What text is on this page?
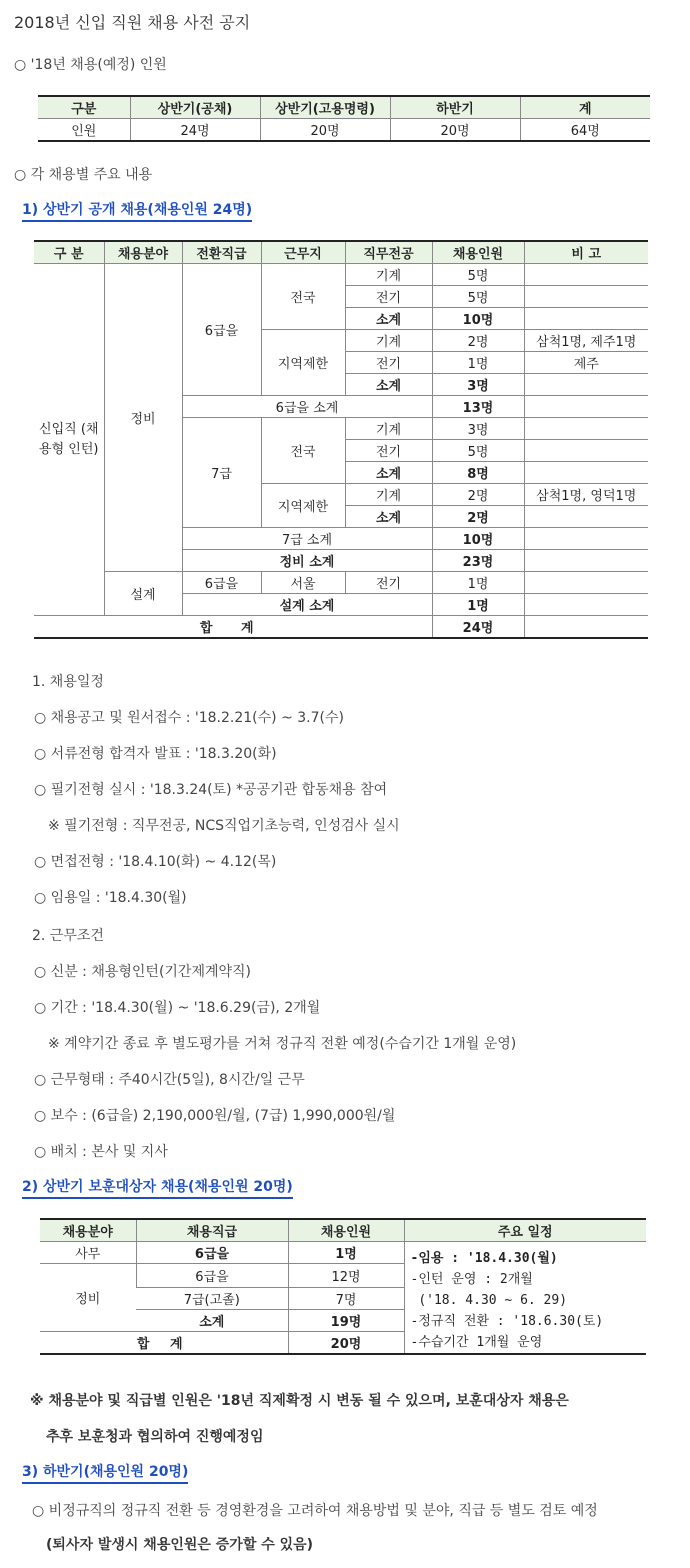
2018년 신입 직원 채용 사전 공지
○ '18년 채용(예정) 인원
구분	상반기(공채)	상반기(고용명령)	하반기	계
인원	24명	20명	20명	64명
○ 각 채용별 주요 내용
1) 상반기 공개 채용(채용인원 24명)
구 분	채용분야	전환직급	근무지	직무전공	채용인원	비 고
신입직 (채용형 인턴)	정비	6급을	전국	기계	5명	
				전기	5명	
				소계	10명	
			지역제한	기계	2명	삼척1명, 제주1명
				전기	1명	제주
				소계	3명	
		6급을 소계			13명	
		7급	전국	기계	3명	
				전기	5명	
				소계	8명	
			지역제한	기계	2명	삼척1명, 영덕1명
				소계	2명	
		7급 소계			10명	
		정비 소계			23명	
	설계	6급을	서울	전기	1명	
		설계 소계			1명	
합 계					24명	
1. 채용일정
○ 채용공고 및 원서접수 : '18.2.21(수) ~ 3.7(수)
○ 서류전형 합격자 발표 : '18.3.20(화)
○ 필기전형 실시 : '18.3.24(토) *공공기관 합동채용 참여
※ 필기전형 : 직무전공, NCS직업기초능력, 인성검사 실시
○ 면접전형 : '18.4.10(화) ~ 4.12(목)
○ 임용일 : '18.4.30(월)
2. 근무조건
○ 신분 : 채용형인턴(기간제계약직)
○ 기간 : '18.4.30(월) ~ '18.6.29(금), 2개월
※ 계약기간 종료 후 별도평가를 거쳐 정규직 전환 예정(수습기간 1개월 운영)
○ 근무형태 : 주40시간(5일), 8시간/일 근무
○ 보수 : (6급을) 2,190,000원/월, (7급) 1,990,000원/월
○ 배치 : 본사 및 지사
2) 상반기 보훈대상자 채용(채용인원 20명)
채용분야	채용직급	채용인원	주요 일정
사무	6급을	1명	-임용 : '18.4.30(월)
-인턴 운영 : 2개월
('18. 4.30 ~ 6. 29)
-정규직 전환 : '18.6.30(토)
-수습기간 1개월 운영

정비	6급을	12명	
	7급(고졸)	7명	
	소계	19명	
합 계		20명	
※ 채용분야 및 직급별 인원은 '18년 직제확정 시 변동 될 수 있으며, 보훈대상자 채용은
추후 보훈청과 협의하여 진행예정임
3) 하반기(채용인원 20명)
○ 비정규직의 정규직 전환 등 경영환경을 고려하여 채용방법 및 분야, 직급 등 별도 검토 예정
(퇴사자 발생시 채용인원은 증가할 수 있음)
